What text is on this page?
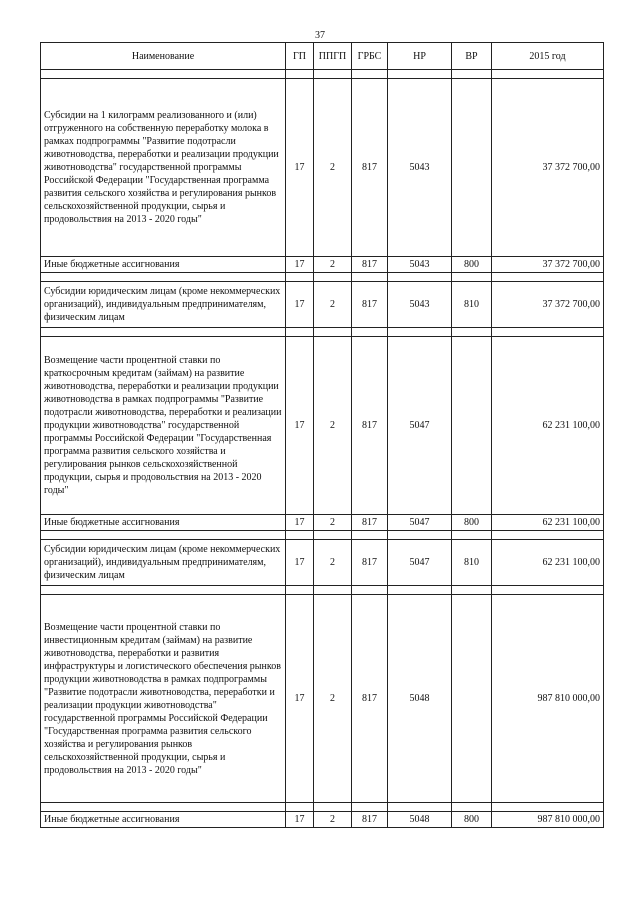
37
Наименование	ГП	ППГП	ГРБС	НР	ВР	2015 год

Субсидии на 1 килограмм реализованного и (или) отгруженного на собственную переработку молока в рамках подпрограммы "Развитие подотрасли животноводства, переработки и реализации продукции животноводства" государственной программы Российской Федерации "Государственная программа развития сельского хозяйства и регулирования рынков сельскохозяйственной продукции, сырья и продовольствия на 2013 - 2020 годы"	17	2	817	5043		37 372 700,00
Иные бюджетные ассигнования	17	2	817	5043	800	37 372 700,00

Субсидии юридическим лицам (кроме некоммерческих организаций), индивидуальным предпринимателям, физическим лицам	17	2	817	5043	810	37 372 700,00

Возмещение части процентной ставки по краткосрочным кредитам (займам) на развитие животноводства, переработки и реализации продукции животноводства в рамках подпрограммы "Развитие подотрасли животноводства, переработки и реализации продукции животноводства" государственной программы Российской Федерации "Государственная программа развития сельского хозяйства и регулирования рынков сельскохозяйственной продукции, сырья и продовольствия на 2013 - 2020 годы"	17	2	817	5047		62 231 100,00
Иные бюджетные ассигнования	17	2	817	5047	800	62 231 100,00

Субсидии юридическим лицам (кроме некоммерческих организаций), индивидуальным предпринимателям, физическим лицам	17	2	817	5047	810	62 231 100,00

Возмещение части процентной ставки по инвестиционным кредитам (займам) на развитие животноводства, переработки и развития инфраструктуры и логистического обеспечения рынков продукции животноводства в рамках подпрограммы "Развитие подотрасли животноводства, переработки и реализации продукции животноводства" государственной программы Российской Федерации "Государственная программа развития сельского хозяйства и регулирования рынков сельскохозяйственной продукции, сырья и продовольствия на 2013 - 2020 годы"	17	2	817	5048		987 810 000,00

Иные бюджетные ассигнования	17	2	817	5048	800	987 810 000,00
